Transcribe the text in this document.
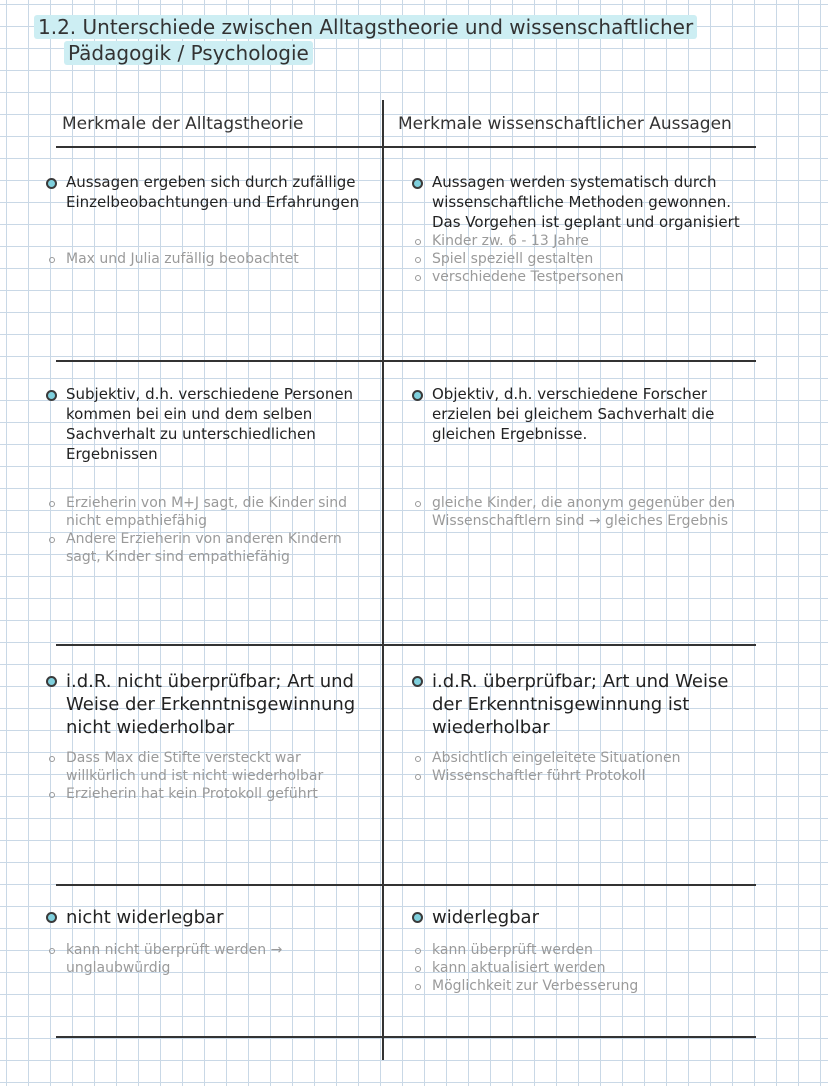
1.2. Unterschiede zwischen Alltagstheorie und wissenschaftlicher
Pädagogik / Psychologie
Merkmale der Alltagstheorie	Merkmale wissenschaftlicher Aussagen
Aussagen ergeben sich durch zufällige Einzelbeobachtungen und Erfahrungen
Max und Julia zufällig beobachtet
Aussagen werden systematisch durch wissenschaftliche Methoden gewonnen. Das Vorgehen ist geplant und organisiert
Kinder zw. 6 - 13 Jahre
Spiel speziell gestalten
verschiedene Testpersonen
Subjektiv, d.h. verschiedene Personen kommen bei ein und dem selben Sachverhalt zu unterschiedlichen Ergebnissen
Erzieherin von M+J sagt, die Kinder sind nicht empathiefähig
Andere Erzieherin von anderen Kindern sagt, Kinder sind empathiefähig
Objektiv, d.h. verschiedene Forscher erzielen bei gleichem Sachverhalt die gleichen Ergebnisse.
gleiche Kinder, die anonym gegenüber den Wissenschaftlern sind → gleiches Ergebnis
i.d.R. nicht überprüfbar; Art und Weise der Erkenntnisgewinnung nicht wiederholbar
Dass Max die Stifte versteckt war willkürlich und ist nicht wiederholbar
Erzieherin hat kein Protokoll geführt
i.d.R. überprüfbar; Art und Weise der Erkenntnisgewinnung ist wiederholbar
Absichtlich eingeleitete Situationen
Wissenschaftler führt Protokoll
nicht widerlegbar
kann nicht überprüft werden → unglaubwürdig
widerlegbar
kann überprüft werden
kann aktualisiert werden
Möglichkeit zur Verbesserung
